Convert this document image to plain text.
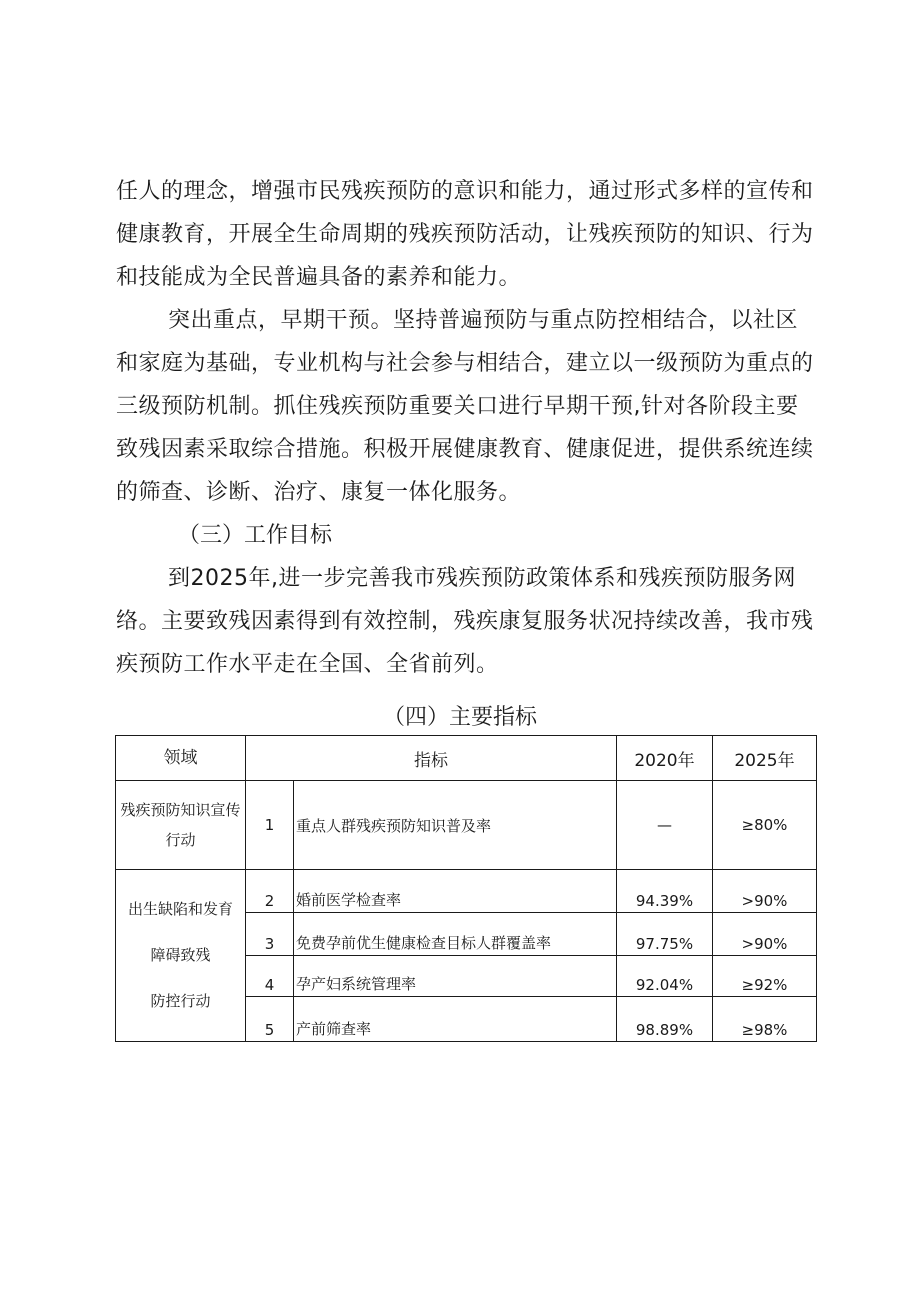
任人的理念，增强市民残疾预防的意识和能力，通过形式多样的宣传和健康教育，开展全生命周期的残疾预防活动，让残疾预防的知识、行为和技能成为全民普遍具备的素养和能力。

突出重点，早期干预。坚持普遍预防与重点防控相结合，以社区和家庭为基础，专业机构与社会参与相结合，建立以一级预防为重点的三级预防机制。抓住残疾预防重要关口进行早期干预,针对各阶段主要致残因素采取综合措施。积极开展健康教育、健康促进，提供系统连续的筛查、诊断、治疗、康复一体化服务。

（三）工作目标

到2025年,进一步完善我市残疾预防政策体系和残疾预防服务网络。主要致残因素得到有效控制，残疾康复服务状况持续改善，我市残疾预防工作水平走在全国、全省前列。

（四）主要指标

领域	指标		2020年	2025年
残疾预防知识宣传行动	1	重点人群残疾预防知识普及率	—	≥80%

出生缺陷和发育
障碍致残
防控行动	2	婚前医学检查率	94.39%	>90%
	3	免费孕前优生健康检查目标人群覆盖率	97.75%	>90%
	4	孕产妇系统管理率	92.04%	≥92%
	5	产前筛查率	98.89%	≥98%
